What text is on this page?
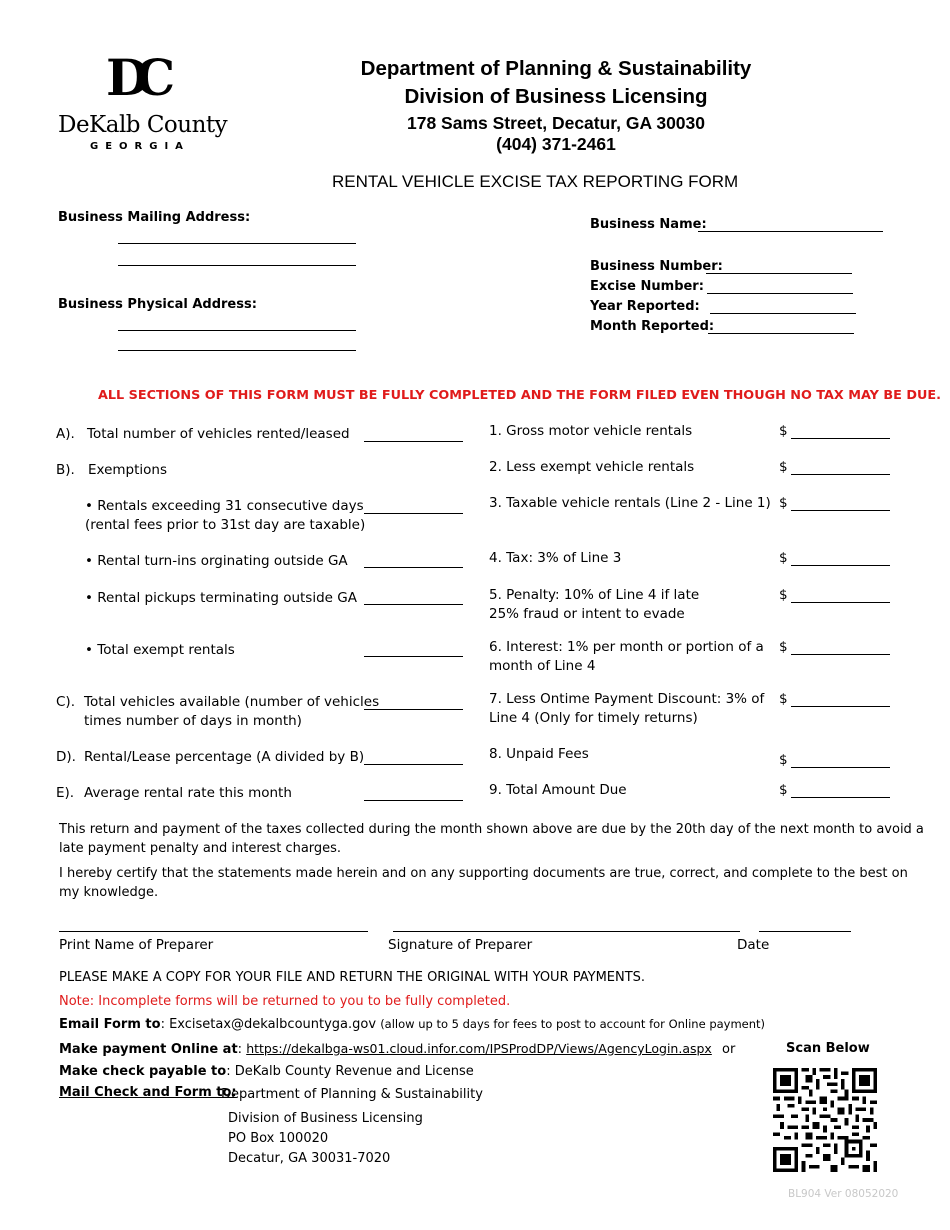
DC
DeKalb County
GEORGIA
Department of Planning & Sustainability
Division of Business Licensing
178 Sams Street, Decatur, GA 30030
(404) 371-2461
RENTAL VEHICLE EXCISE TAX REPORTING FORM
Business Mailing Address:
Business Physical Address:
Business Name:
Business Number:
Excise Number:
Year Reported:
Month Reported:
ALL SECTIONS OF THIS FORM MUST BE FULLY COMPLETED AND THE FORM FILED EVEN THOUGH NO TAX MAY BE DUE.
A). Total number of vehicles rented/leased
B). Exemptions
• Rentals exceeding 31 consecutive days
(rental fees prior to 31st day are taxable)
• Rental turn-ins orginating outside GA
• Rental pickups terminating outside GA
• Total exempt rentals
C). Total vehicles available (number of vehicles
times number of days in month)
D). Rental/Lease percentage (A divided by B)
E). Average rental rate this month
1. Gross motor vehicle rentals	$
2. Less exempt vehicle rentals	$
3. Taxable vehicle rentals (Line 2 - Line 1) $
4. Tax: 3% of Line 3	$
5. Penalty: 10% of Line 4 if late
25% fraud or intent to evade
$
6. Interest: 1% per month or portion of a
month of Line 4
$
7. Less Ontime Payment Discount: 3% of
Line 4 (Only for timely returns)
$
8. Unpaid Fees	$
9. Total Amount Due	$
This return and payment of the taxes collected during the month shown above are due by the 20th day of the next month to avoid a
late payment penalty and interest charges.
I hereby certify that the statements made herein and on any supporting documents are true, correct, and complete to the best on
my knowledge.
Print Name of Preparer	Signature of Preparer	Date
PLEASE MAKE A COPY FOR YOUR FILE AND RETURN THE ORIGINAL WITH YOUR PAYMENTS.
Note: Incomplete forms will be returned to you to be fully completed.
Email Form to: Excisetax@dekalbcountyga.gov (allow up to 5 days for fees to post to account for Online payment)
Make payment Online at: https://dekalbga-ws01.cloud.infor.com/IPSProdDP/Views/AgencyLogin.aspx or
Make check payable to: DeKalb County Revenue and License
Mail Check and Form to:
Department of Planning & Sustainability
Division of Business Licensing
PO Box 100020
Decatur, GA 30031-7020
Scan Below
BL904 Ver 08052020
